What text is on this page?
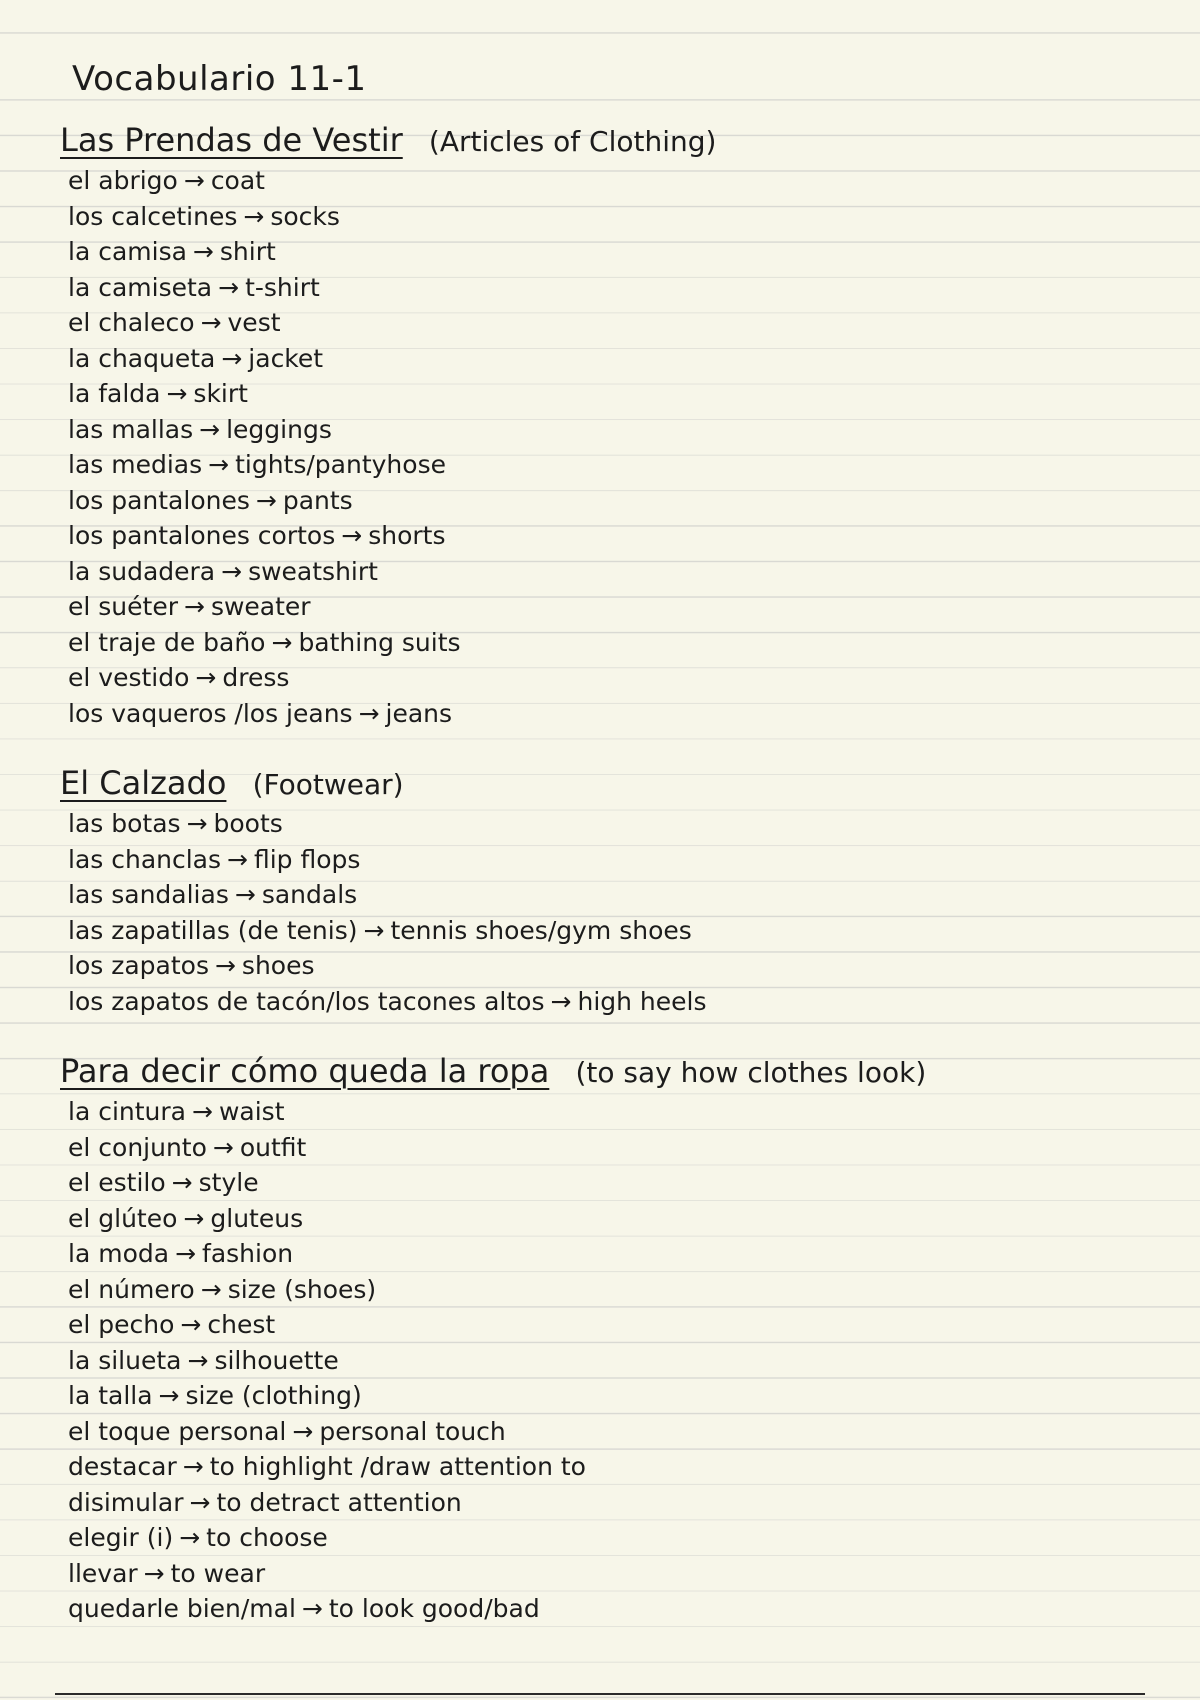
Vocabulario 11-1
Las Prendas de Vestir (Articles of Clothing)
el abrigo → coat
los calcetines → socks
la camisa → shirt
la camiseta → t-shirt
el chaleco → vest
la chaqueta → jacket
la falda → skirt
las mallas → leggings
las medias → tights/pantyhose
los pantalones → pants
los pantalones cortos → shorts
la sudadera → sweatshirt
el suéter → sweater
el traje de baño → bathing suits
el vestido → dress
los vaqueros /los jeans → jeans
El Calzado (Footwear)
las botas → boots
las chanclas → flip flops
las sandalias → sandals
las zapatillas (de tenis) → tennis shoes/gym shoes
los zapatos → shoes
los zapatos de tacón/los tacones altos → high heels
Para decir cómo queda la ropa (to say how clothes look)
la cintura → waist
el conjunto → outfit
el estilo → style
el glúteo → gluteus
la moda → fashion
el número → size (shoes)
el pecho → chest
la silueta → silhouette
la talla → size (clothing)
el toque personal → personal touch
destacar → to highlight /draw attention to
disimular → to detract attention
elegir (i) → to choose
llevar → to wear
quedarle bien/mal → to look good/bad
